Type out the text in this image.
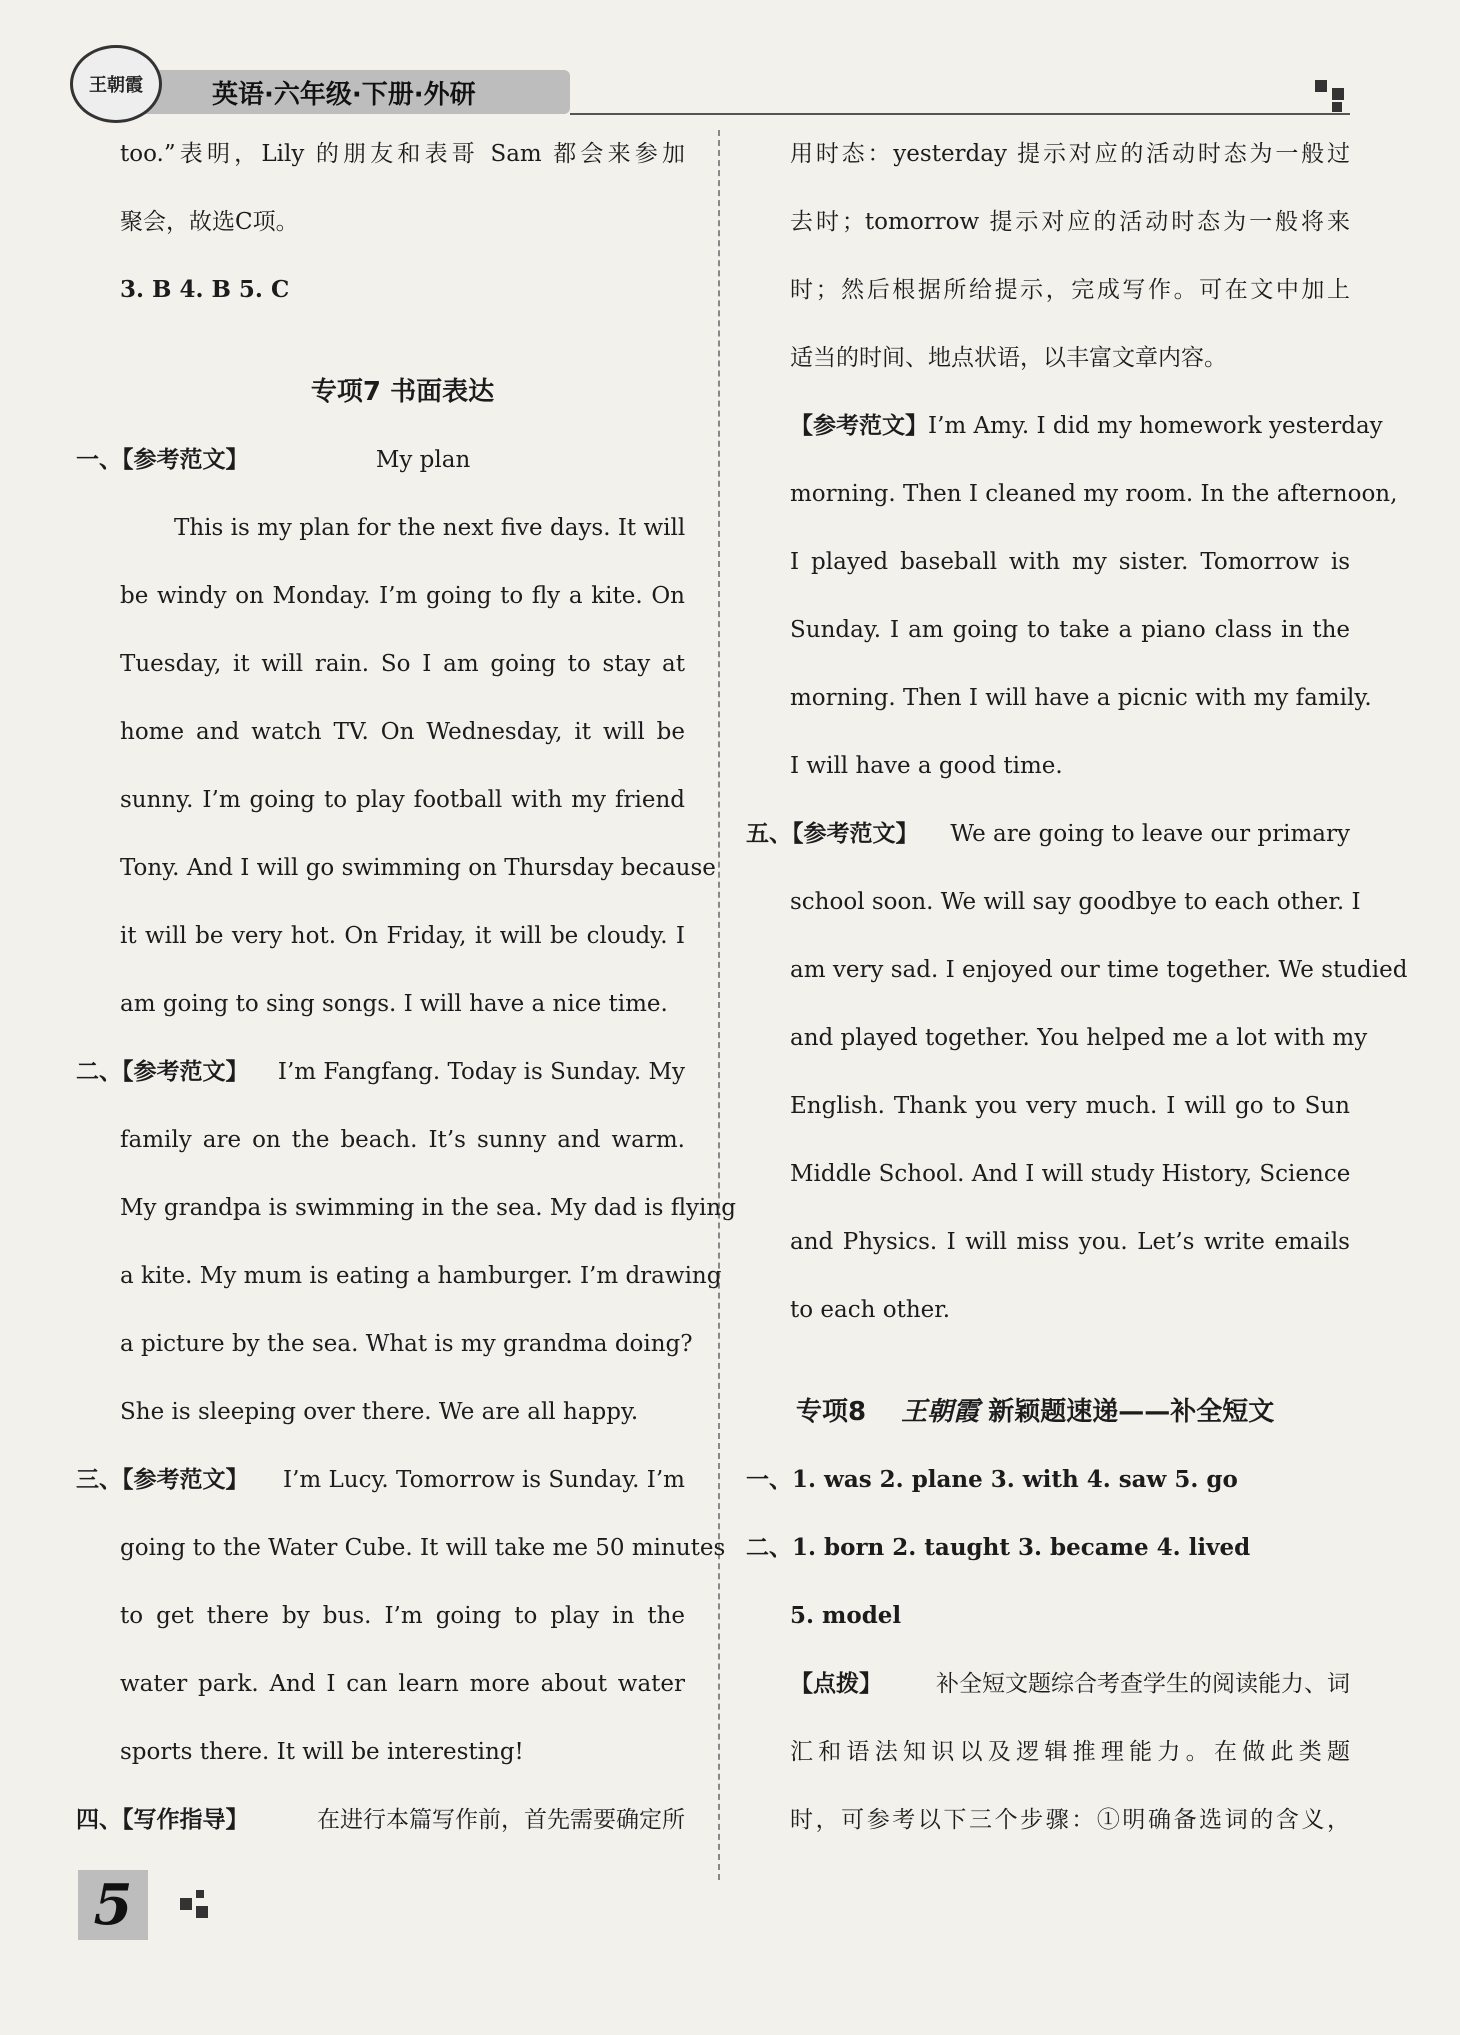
英语·六年级·下册·外研
王朝霞
too.”表明，Lily 的朋友和表哥 Sam 都会来参加
聚会，故选C项。
3. B 4. B 5. C
专项7 书面表达
一、【参考范文】	My plan
This is my plan for the next five days. It will
be windy on Monday. I’m going to fly a kite. On
Tuesday, it will rain. So I am going to stay at
home and watch TV. On Wednesday, it will be
sunny. I’m going to play football with my friend
Tony. And I will go swimming on Thursday because
it will be very hot. On Friday, it will be cloudy. I
am going to sing songs. I will have a nice time.
二、【参考范文】 I’m Fangfang. Today is Sunday. My
family are on the beach. It’s sunny and warm.
My grandpa is swimming in the sea. My dad is flying
a kite. My mum is eating a hamburger. I’m drawing
a picture by the sea. What is my grandma doing?
She is sleeping over there. We are all happy.
三、【参考范文】 I’m Lucy. Tomorrow is Sunday. I’m
going to the Water Cube. It will take me 50 minutes
to get there by bus. I’m going to play in the
water park. And I can learn more about water
sports there. It will be interesting!
四、【写作指导】	在进行本篇写作前，首先需要确定所
用时态：yesterday 提示对应的活动时态为一般过
去时；tomorrow 提示对应的活动时态为一般将来
时；然后根据所给提示，完成写作。可在文中加上
适当的时间、地点状语，以丰富文章内容。
【参考范文】 I’m Amy. I did my homework yesterday
morning. Then I cleaned my room. In the afternoon,
I played baseball with my sister. Tomorrow is
Sunday. I am going to take a piano class in the
morning. Then I will have a picnic with my family.
I will have a good time.
五、【参考范文】 We are going to leave our primary
school soon. We will say goodbye to each other. I
am very sad. I enjoyed our time together. We studied
and played together. You helped me a lot with my
English. Thank you very much. I will go to Sun
Middle School. And I will study History, Science
and Physics. I will miss you. Let’s write emails
to each other.
专项8 王朝霞 新颖题速递——补全短文
一、1. was 2. plane 3. with 4. saw 5. go
二、1. born 2. taught 3. became 4. lived
5. model
【点拨】 补全短文题综合考查学生的阅读能力、词
汇和语法知识以及逻辑推理能力。在做此类题
时，可参考以下三个步骤：①明确备选词的含义，
5
